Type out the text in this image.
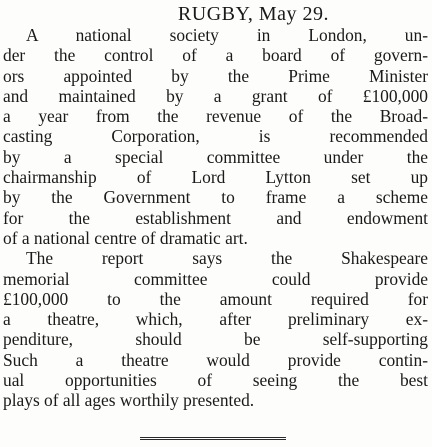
RUGBY, May 29.
A national society in London, un-
der the control of a board of govern-
ors appointed by the Prime Minister
and maintained by a grant of £100,000
a year from the revenue of the Broad-
casting Corporation, is recommended
by a special committee under the
chairmanship of Lord Lytton set up
by the Government to frame a scheme
for the establishment and endowment
of a national centre of dramatic art.
The report says the Shakespeare
memorial committee could provide
£100,000 to the amount required for
a theatre, which, after preliminary ex-
penditure, should be self-supporting
Such a theatre would provide contin-
ual opportunities of seeing the best
plays of all ages worthily presented.
